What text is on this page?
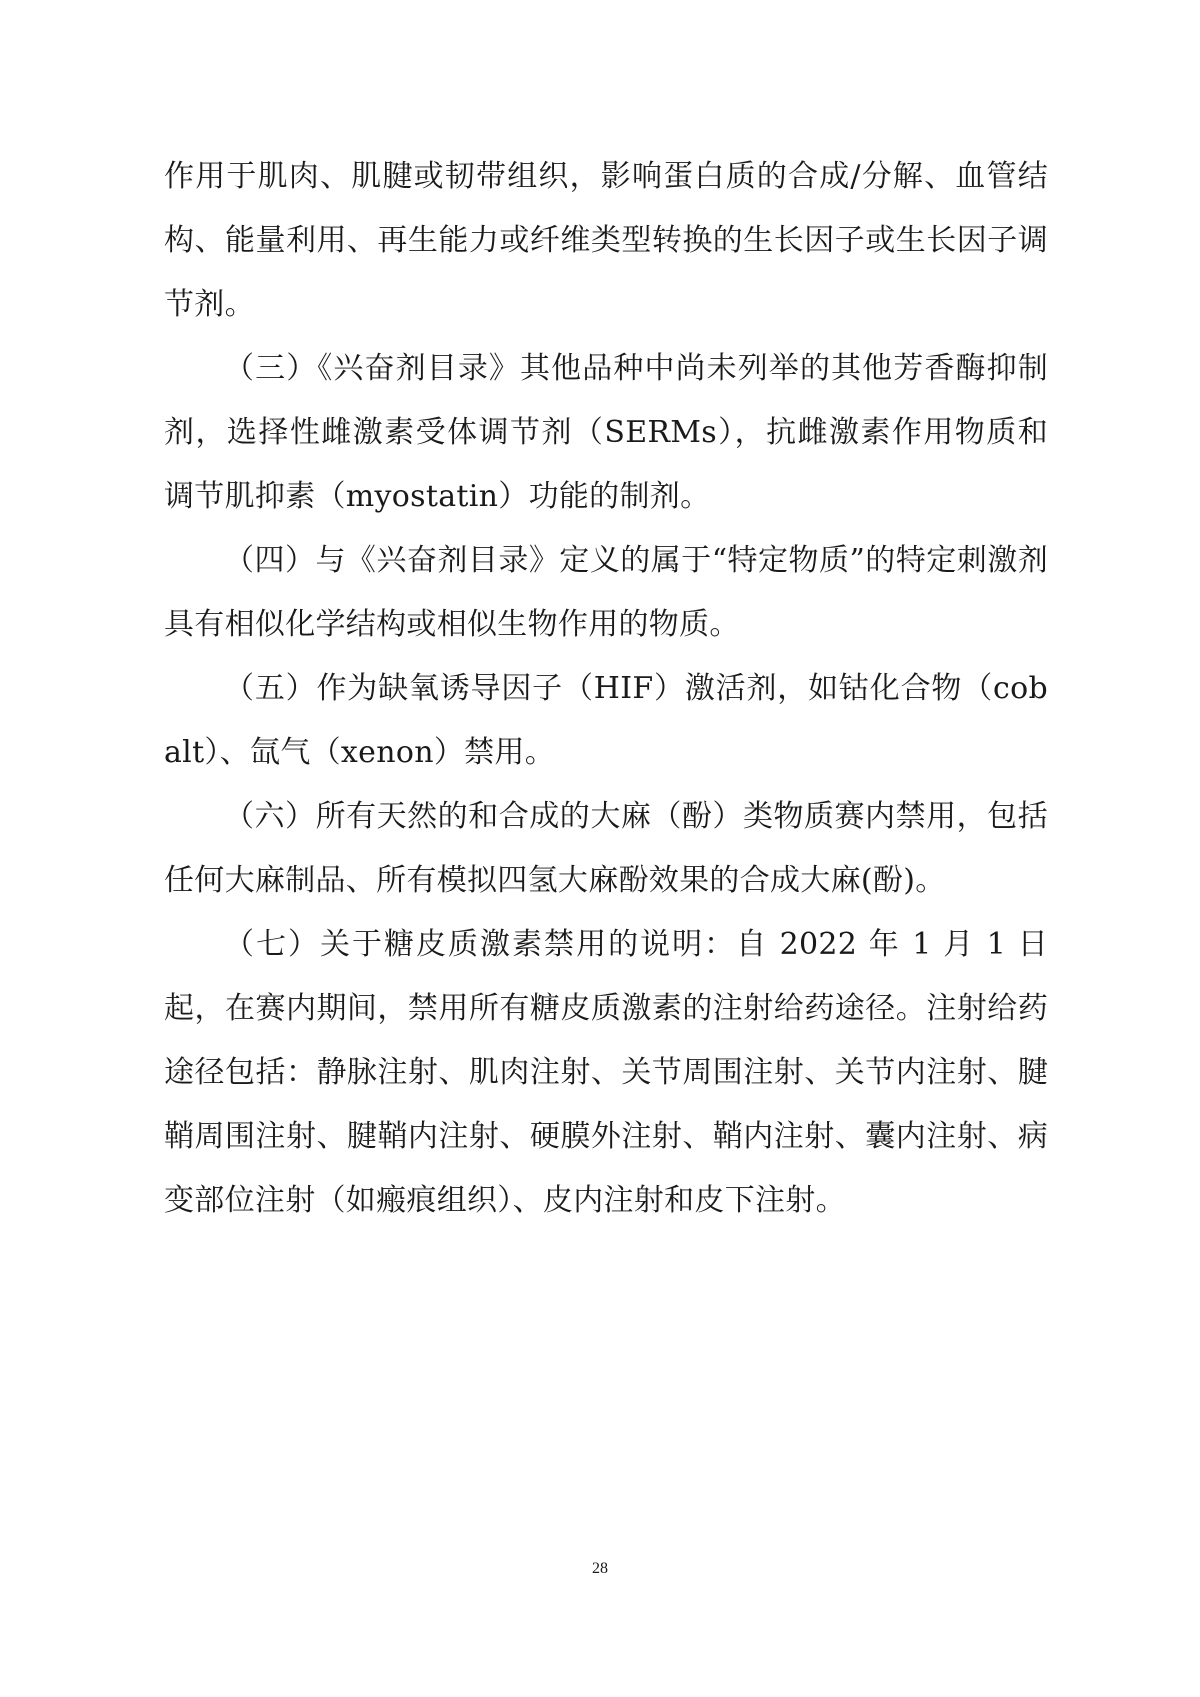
作用于肌肉、肌腱或韧带组织，影响蛋白质的合成/分解、血管结构、能量利用、再生能力或纤维类型转换的生长因子或生长因子调节剂。

（三）《兴奋剂目录》其他品种中尚未列举的其他芳香酶抑制剂，选择性雌激素受体调节剂（SERMs），抗雌激素作用物质和调节肌抑素（myostatin）功能的制剂。

（四）与《兴奋剂目录》定义的属于“特定物质”的特定刺激剂具有相似化学结构或相似生物作用的物质。

（五）作为缺氧诱导因子（HIF）激活剂，如钴化合物（cobalt）、氙气（xenon）禁用。

（六）所有天然的和合成的大麻（酚）类物质赛内禁用，包括任何大麻制品、所有模拟四氢大麻酚效果的合成大麻(酚)。

（七）关于糖皮质激素禁用的说明：自 2022 年 1 月 1 日起，在赛内期间，禁用所有糖皮质激素的注射给药途径。注射给药途径包括：静脉注射、肌肉注射、关节周围注射、关节内注射、腱鞘周围注射、腱鞘内注射、硬膜外注射、鞘内注射、囊内注射、病变部位注射（如瘢痕组织）、皮内注射和皮下注射。

28
